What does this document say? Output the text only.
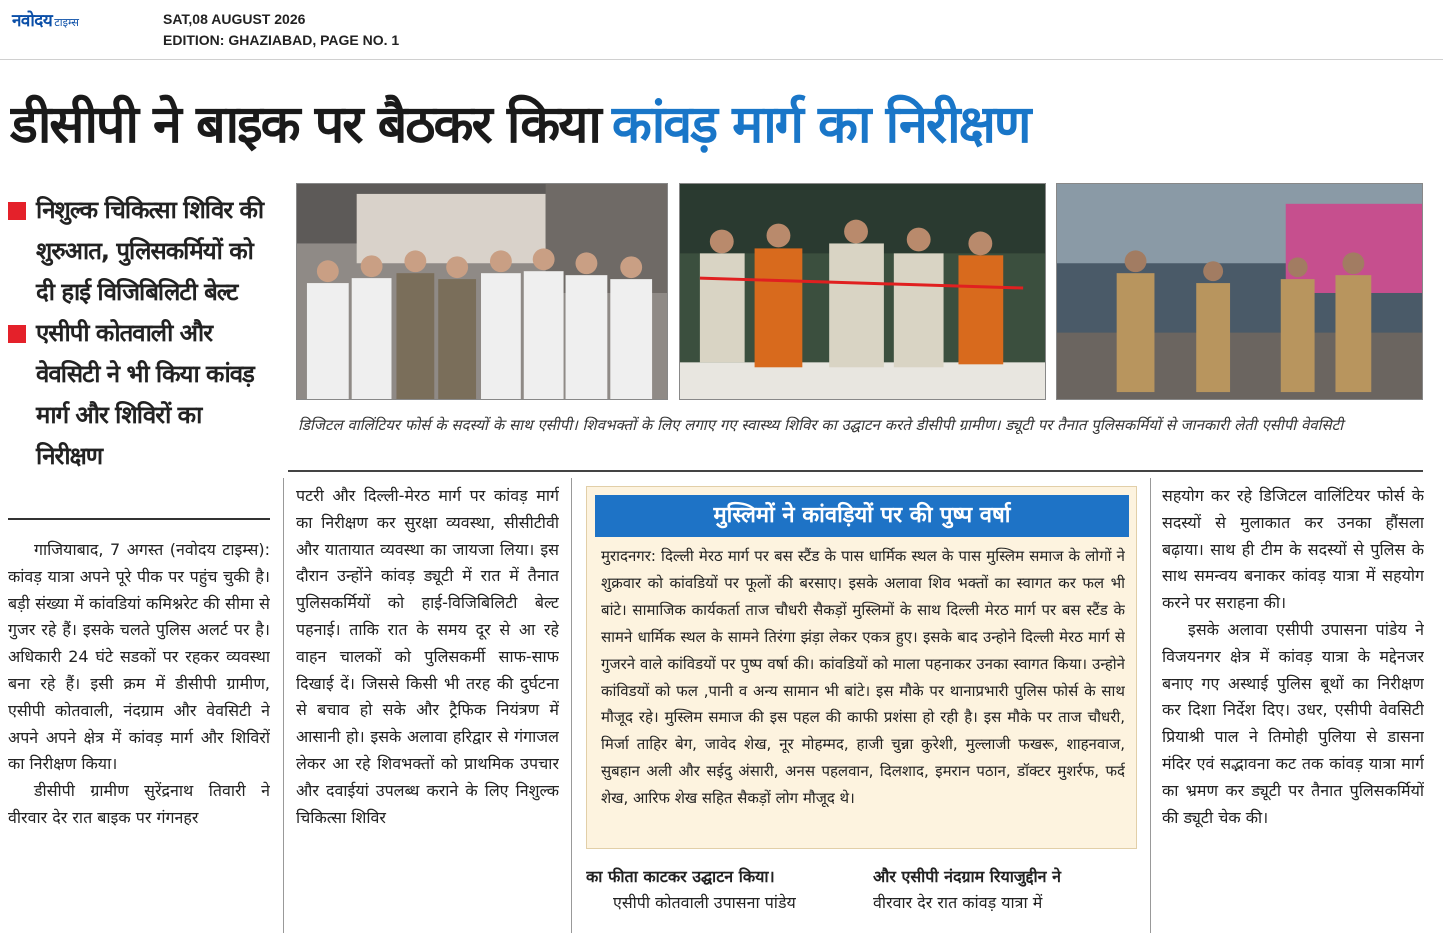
नवोदय टाइम्स	SAT,08 AUGUST 2026
EDITION: GHAZIABAD, PAGE NO. 1
डीसीपी ने बाइक पर बैठकर किया कांवड़ मार्ग का निरीक्षण
निशुल्क चिकित्सा शिविर की शुरुआत, पुलिसकर्मियों को दी हाई विजिबिलिटी बेल्ट
एसीपी कोतवाली और वेवसिटी ने भी किया कांवड़ मार्ग और शिविरों का निरीक्षण
डिजिटल वालिंटियर फोर्स के सदस्यों के साथ एसीपी। शिवभक्तों के लिए लगाए गए स्वास्थ्य शिविर का उद्घाटन करते डीसीपी ग्रामीण। ड्यूटी पर तैनात पुलिसकर्मियों से जानकारी लेती एसीपी वेवसिटी

गाजियाबाद, 7 अगस्त (नवोदय टाइम्स): कांवड़ यात्रा अपने पूरे पीक पर पहुंच चुकी है। बड़ी संख्या में कांवडियां कमिश्नरेट की सीमा से गुजर रहे हैं। इसके चलते पुलिस अलर्ट पर है। अधिकारी 24 घंटे सडकों पर रहकर व्यवस्था बना रहे हैं। इसी क्रम में डीसीपी ग्रामीण, एसीपी कोतवाली, नंदग्राम और वेवसिटी ने अपने अपने क्षेत्र में कांवड़ मार्ग और शिविरों का निरीक्षण किया।

डीसीपी ग्रामीण सुरेंद्रनाथ तिवारी ने वीरवार देर रात बाइक पर गंगनहर

पटरी और दिल्ली-मेरठ मार्ग पर कांवड़ मार्ग का निरीक्षण कर सुरक्षा व्यवस्था, सीसीटीवी और यातायात व्यवस्था का जायजा लिया। इस दौरान उन्होंने कांवड़ ड्यूटी में रात में तैनात पुलिसकर्मियों को हाई-विजिबिलिटी बेल्ट पहनाई। ताकि रात के समय दूर से आ रहे वाहन चालकों को पुलिसकर्मी साफ-साफ दिखाई दें। जिससे किसी भी तरह की दुर्घटना से बचाव हो सके और ट्रैफिक नियंत्रण में आसानी हो। इसके अलावा हरिद्वार से गंगाजल लेकर आ रहे शिवभक्तों को प्राथमिक उपचार और दवाईयां उपलब्ध कराने के लिए निशुल्क चिकित्सा शिविर

मुस्लिमों ने कांवड़ियों पर की पुष्प वर्षा
मुरादनगर: दिल्ली मेरठ मार्ग पर बस स्टैंड के पास धार्मिक स्थल के पास मुस्लिम समाज के लोगों ने शुक्रवार को कांवडियों पर फूलों की बरसाए। इसके अलावा शिव भक्तों का स्वागत कर फल भी बांटे। सामाजिक कार्यकर्ता ताज चौधरी सैकड़ों मुस्लिमों के साथ दिल्ली मेरठ मार्ग पर बस स्टैंड के सामने धार्मिक स्थल के सामने तिरंगा झंड़ा लेकर एकत्र हुए। इसके बाद उन्होने दिल्ली मेरठ मार्ग से गुजरने वाले कांविडयों पर पुष्प वर्षा की। कांवडियों को माला पहनाकर उनका स्वागत किया। उन्होने कांविडयों को फल ,पानी व अन्य सामान भी बांटे। इस मौके पर थानाप्रभारी पुलिस फोर्स के साथ मौजूद रहे। मुस्लिम समाज की इस पहल की काफी प्रशंसा हो रही है। इस मौके पर ताज चौधरी, मिर्जा ताहिर बेग, जावेद शेख, नूर मोहम्मद, हाजी चुन्ना कुरेशी, मुल्लाजी फखरू, शाहनवाज, सुबहान अली और सईदु अंसारी, अनस पहलवान, दिलशाद, इमरान पठान, डॉक्टर मुशर्रफ, फर्द शेख, आरिफ शेख सहित सैकड़ों लोग मौजूद थे।
का फीता काटकर उद्घाटन किया।
एसीपी कोतवाली उपासना पांडेय
और एसीपी नंदग्राम रियाजुद्दीन ने
वीरवार देर रात कांवड़ यात्रा में

सहयोग कर रहे डिजिटल वालिंटियर फोर्स के सदस्यों से मुलाकात कर उनका हौंसला बढ़ाया। साथ ही टीम के सदस्यों से पुलिस के साथ समन्वय बनाकर कांवड़ यात्रा में सहयोग करने पर सराहना की।

इसके अलावा एसीपी उपासना पांडेय ने विजयनगर क्षेत्र में कांवड़ यात्रा के मद्देनजर बनाए गए अस्थाई पुलिस बूथों का निरीक्षण कर दिशा निर्देश दिए। उधर, एसीपी वेवसिटी प्रियाश्री पाल ने तिमोही पुलिया से डासना मंदिर एवं सद्भावना कट तक कांवड़ यात्रा मार्ग का भ्रमण कर ड्यूटी पर तैनात पुलिसकर्मियों की ड्यूटी चेक की।
